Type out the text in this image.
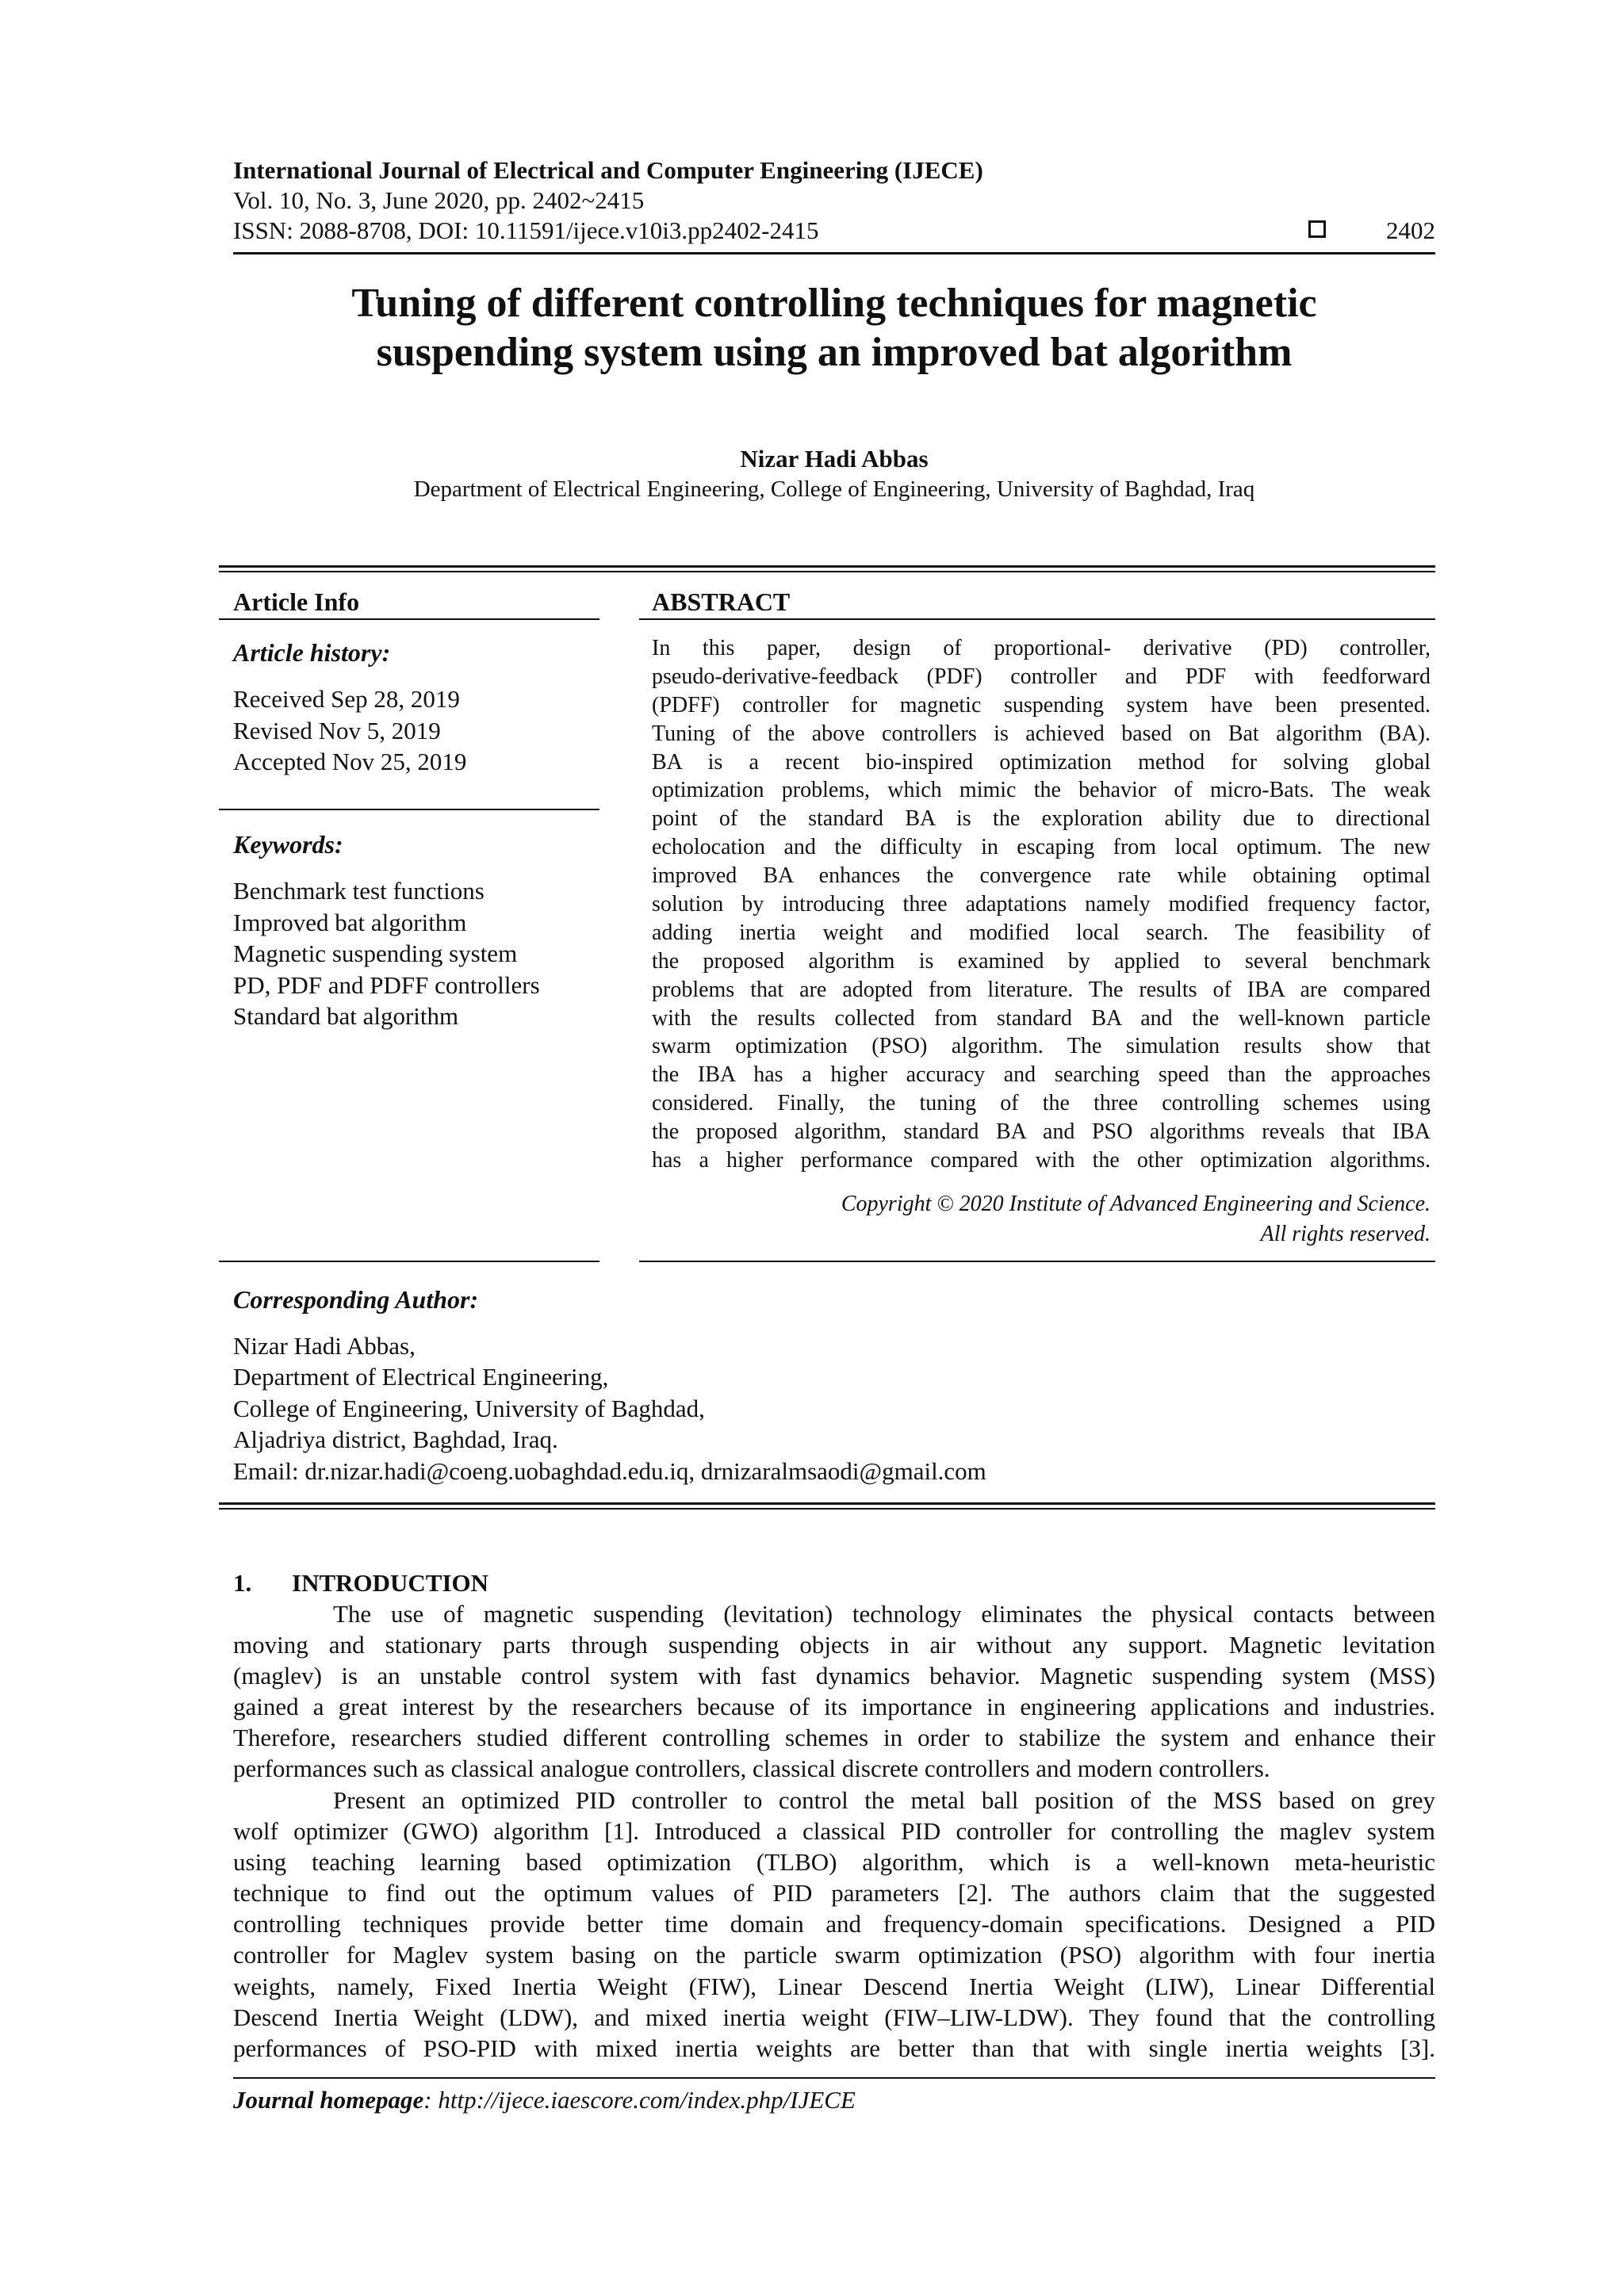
International Journal of Electrical and Computer Engineering (IJECE)
Vol. 10, No. 3, June 2020, pp. 2402~2415
ISSN: 2088-8708, DOI: 10.11591/ijece.v10i3.pp2402-2415	2402
Tuning of different controlling techniques for magnetic
suspending system using an improved bat algorithm
Nizar Hadi Abbas
Department of Electrical Engineering, College of Engineering, University of Baghdad, Iraq
Article Info
Article history:
Received Sep 28, 2019
Revised Nov 5, 2019
Accepted Nov 25, 2019
Keywords:
Benchmark test functions
Improved bat algorithm
Magnetic suspending system
PD, PDF and PDFF controllers
Standard bat algorithm
ABSTRACT
In this paper, design of proportional- derivative (PD) controller,
pseudo-derivative-feedback (PDF) controller and PDF with feedforward
(PDFF) controller for magnetic suspending system have been presented.
Tuning of the above controllers is achieved based on Bat algorithm (BA).
BA is a recent bio-inspired optimization method for solving global
optimization problems, which mimic the behavior of micro-Bats. The weak
point of the standard BA is the exploration ability due to directional
echolocation and the difficulty in escaping from local optimum. The new
improved BA enhances the convergence rate while obtaining optimal
solution by introducing three adaptations namely modified frequency factor,
adding inertia weight and modified local search. The feasibility of
the proposed algorithm is examined by applied to several benchmark
problems that are adopted from literature. The results of IBA are compared
with the results collected from standard BA and the well-known particle
swarm optimization (PSO) algorithm. The simulation results show that
the IBA has a higher accuracy and searching speed than the approaches
considered. Finally, the tuning of the three controlling schemes using
the proposed algorithm, standard BA and PSO algorithms reveals that IBA
has a higher performance compared with the other optimization algorithms.
Copyright © 2020 Institute of Advanced Engineering and Science.
All rights reserved.
Corresponding Author:
Nizar Hadi Abbas,
Department of Electrical Engineering,
College of Engineering, University of Baghdad,
Aljadriya district, Baghdad, Iraq.
Email: dr.nizar.hadi@coeng.uobaghdad.edu.iq, drnizaralmsaodi@gmail.com
1. INTRODUCTION
The use of magnetic suspending (levitation) technology eliminates the physical contacts between
moving and stationary parts through suspending objects in air without any support. Magnetic levitation
(maglev) is an unstable control system with fast dynamics behavior. Magnetic suspending system (MSS)
gained a great interest by the researchers because of its importance in engineering applications and industries.
Therefore, researchers studied different controlling schemes in order to stabilize the system and enhance their
performances such as classical analogue controllers, classical discrete controllers and modern controllers.
Present an optimized PID controller to control the metal ball position of the MSS based on grey
wolf optimizer (GWO) algorithm [1]. Introduced a classical PID controller for controlling the maglev system
using teaching learning based optimization (TLBO) algorithm, which is a well-known meta-heuristic
technique to find out the optimum values of PID parameters [2]. The authors claim that the suggested
controlling techniques provide better time domain and frequency-domain specifications. Designed a PID
controller for Maglev system basing on the particle swarm optimization (PSO) algorithm with four inertia
weights, namely, Fixed Inertia Weight (FIW), Linear Descend Inertia Weight (LIW), Linear Differential
Descend Inertia Weight (LDW), and mixed inertia weight (FIW–LIW-LDW). They found that the controlling
performances of PSO-PID with mixed inertia weights are better than that with single inertia weights [3].
Journal homepage: http://ijece.iaescore.com/index.php/IJECE
